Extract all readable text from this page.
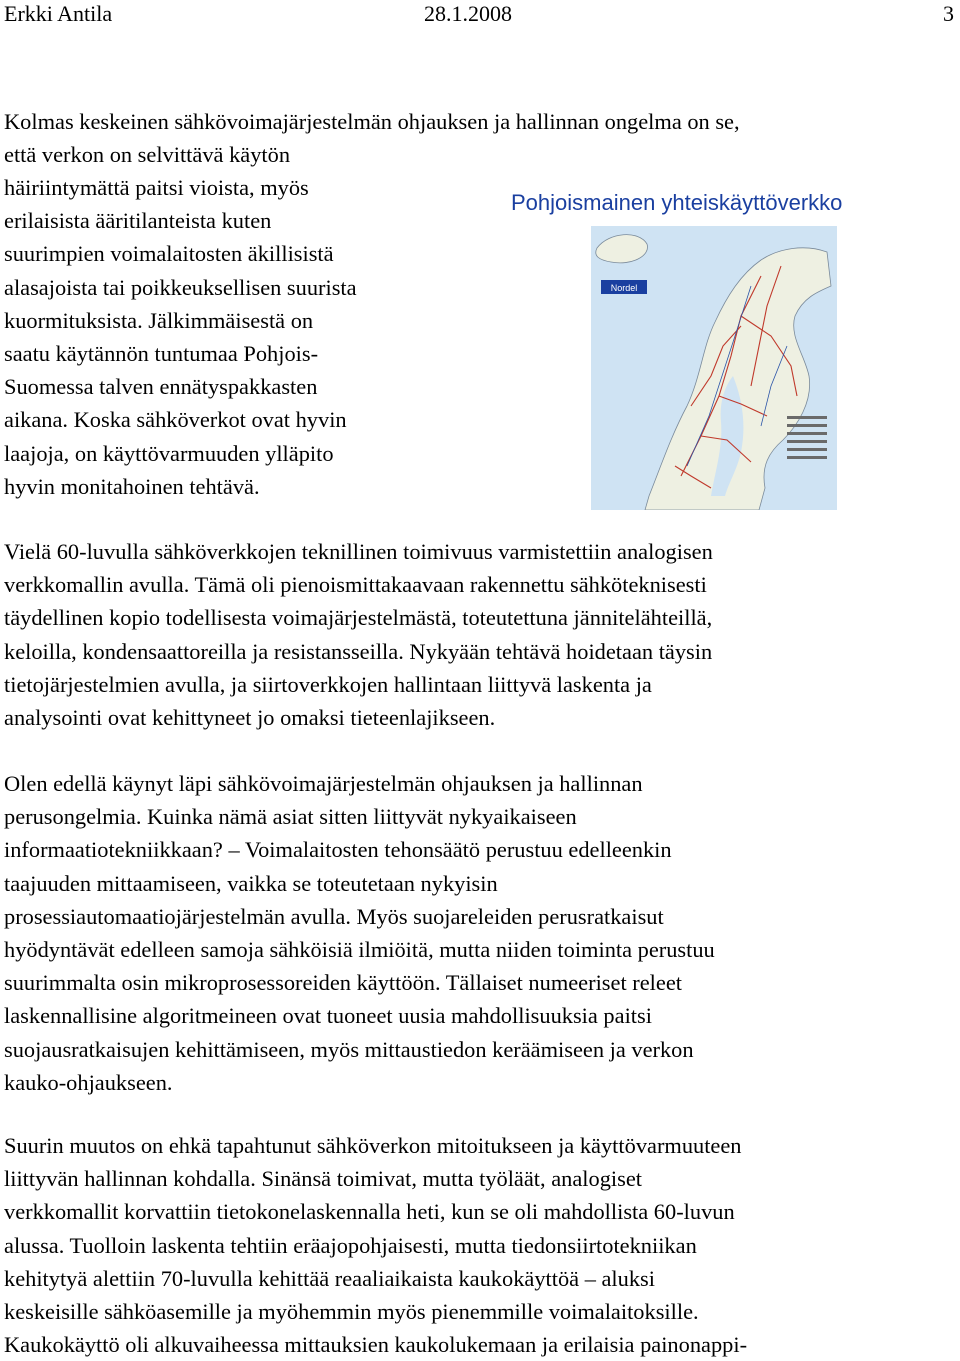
Erkki Antila	28.1.2008	3
Kolmas keskeinen sähkövoimajärjestelmän ohjauksen ja hallinnan ongelma on se,
että verkon on selvittävä käytön
häiriintymättä paitsi vioista, myös
erilaisista ääritilanteista kuten
suurimpien voimalaitosten äkillisistä
alasajoista tai poikkeuksellisen suurista
kuormituksista. Jälkimmäisestä on
saatu käytännön tuntumaa Pohjois-
Suomessa talven ennätyspakkasten
aikana. Koska sähköverkot ovat hyvin
laajoja, on käyttövarmuuden ylläpito
hyvin monitahoinen tehtävä.
Pohjoismainen yhteiskäyttöverkko
Nordel
Vielä 60-luvulla sähköverkkojen teknillinen toimivuus varmistettiin analogisen
verkkomallin avulla. Tämä oli pienoismittakaavaan rakennettu sähköteknisesti
täydellinen kopio todellisesta voimajärjestelmästä, toteutettuna jännitelähteillä,
keloilla, kondensaattoreilla ja resistansseilla. Nykyään tehtävä hoidetaan täysin
tietojärjestelmien avulla, ja siirtoverkkojen hallintaan liittyvä laskenta ja
analysointi ovat kehittyneet jo omaksi tieteenlajikseen.
Olen edellä käynyt läpi sähkövoimajärjestelmän ohjauksen ja hallinnan
perusongelmia. Kuinka nämä asiat sitten liittyvät nykyaikaiseen
informaatiotekniikkaan? – Voimalaitosten tehonsäätö perustuu edelleenkin
taajuuden mittaamiseen, vaikka se toteutetaan nykyisin
prosessiautomaatiojärjestelmän avulla. Myös suojareleiden perusratkaisut
hyödyntävät edelleen samoja sähköisiä ilmiöitä, mutta niiden toiminta perustuu
suurimmalta osin mikroprosessoreiden käyttöön. Tällaiset numeeriset releet
laskennallisine algoritmeineen ovat tuoneet uusia mahdollisuuksia paitsi
suojausratkaisujen kehittämiseen, myös mittaustiedon keräämiseen ja verkon
kauko-ohjaukseen.
Suurin muutos on ehkä tapahtunut sähköverkon mitoitukseen ja käyttövarmuuteen
liittyvän hallinnan kohdalla. Sinänsä toimivat, mutta työläät, analogiset
verkkomallit korvattiin tietokonelaskennalla heti, kun se oli mahdollista 60-luvun
alussa. Tuolloin laskenta tehtiin eräajopohjaisesti, mutta tiedonsiirtotekniikan
kehitytyä alettiin 70-luvulla kehittää reaaliaikaista kaukokäyttöä – aluksi
keskeisille sähköasemille ja myöhemmin myös pienemmille voimalaitoksille.
Kaukokäyttö oli alkuvaiheessa mittauksien kaukolukemaan ja erilaisia painonappi-
